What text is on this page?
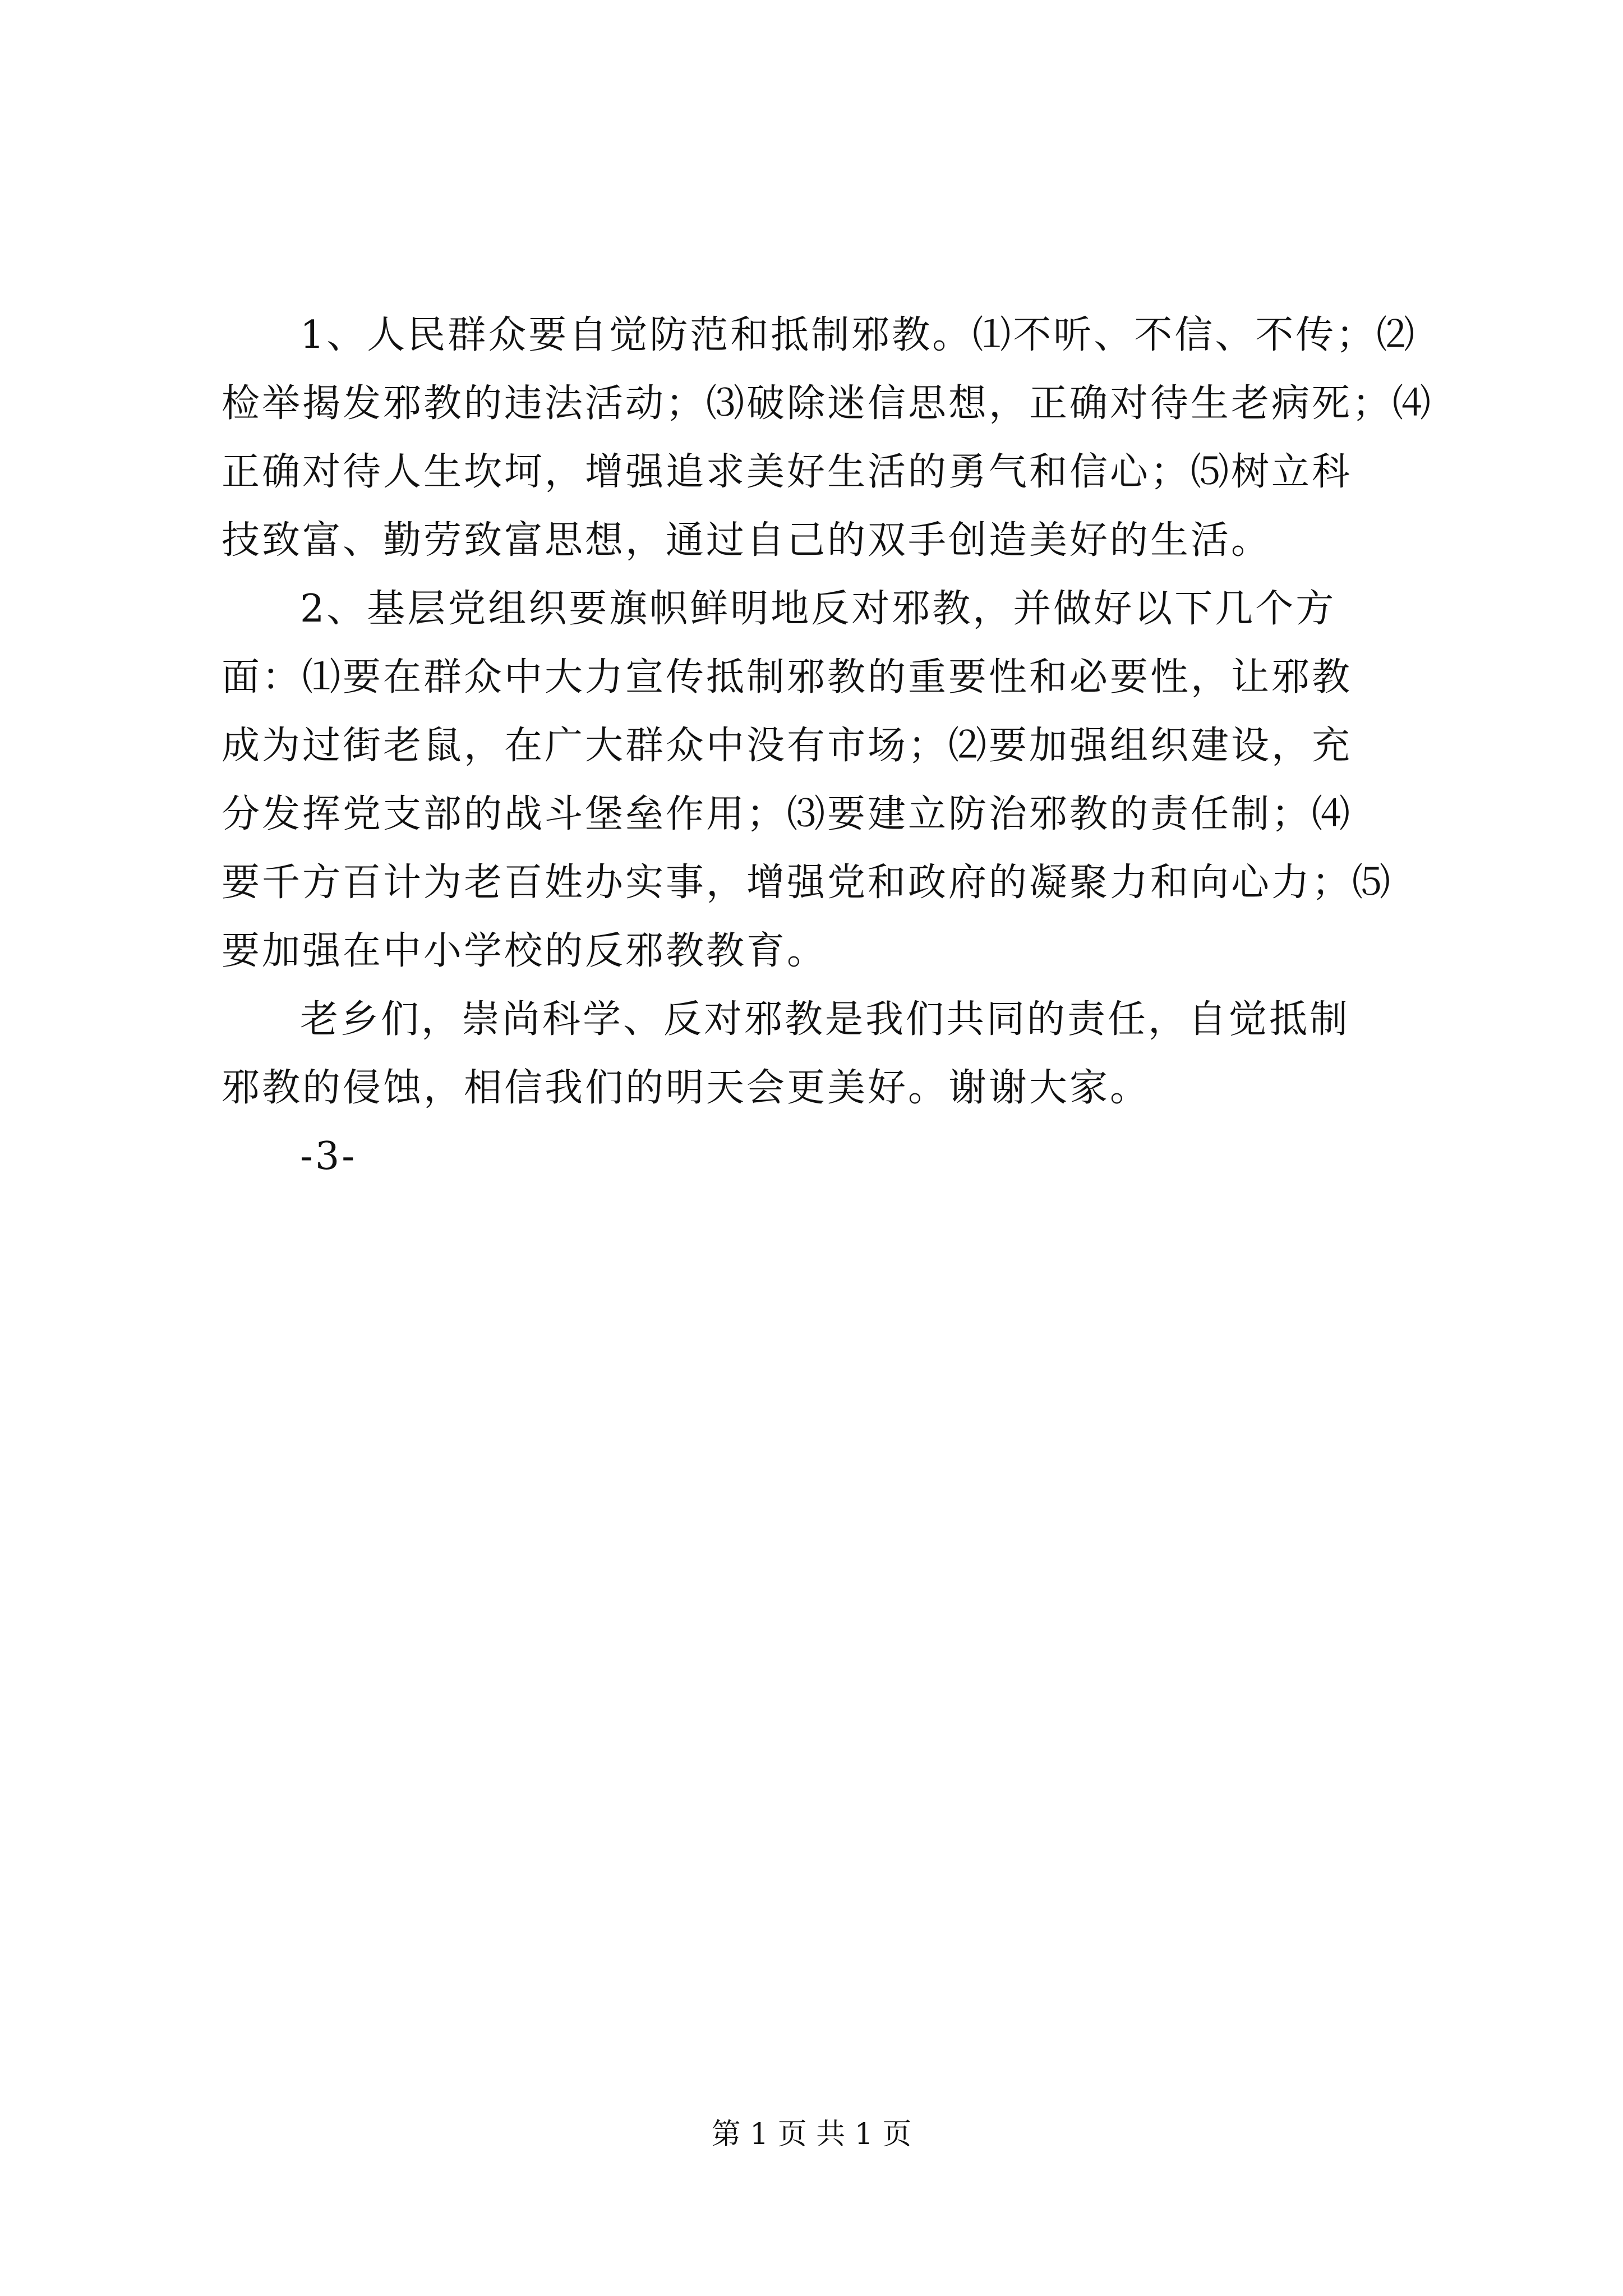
1、人民群众要自觉防范和抵制邪教。⑴不听、不信、不传；⑵
检举揭发邪教的违法活动；⑶破除迷信思想，正确对待生老病死；⑷
正确对待人生坎坷，增强追求美好生活的勇气和信心；⑸树立科
技致富、勤劳致富思想，通过自己的双手创造美好的生活。
2、基层党组织要旗帜鲜明地反对邪教，并做好以下几个方
面：⑴要在群众中大力宣传抵制邪教的重要性和必要性，让邪教
成为过街老鼠，在广大群众中没有市场；⑵要加强组织建设，充
分发挥党支部的战斗堡垒作用；⑶要建立防治邪教的责任制；⑷
要千方百计为老百姓办实事，增强党和政府的凝聚力和向心力；⑸
要加强在中小学校的反邪教教育。
老乡们，崇尚科学、反对邪教是我们共同的责任，自觉抵制
邪教的侵蚀，相信我们的明天会更美好。谢谢大家。
-3-
第 1 页 共 1 页
